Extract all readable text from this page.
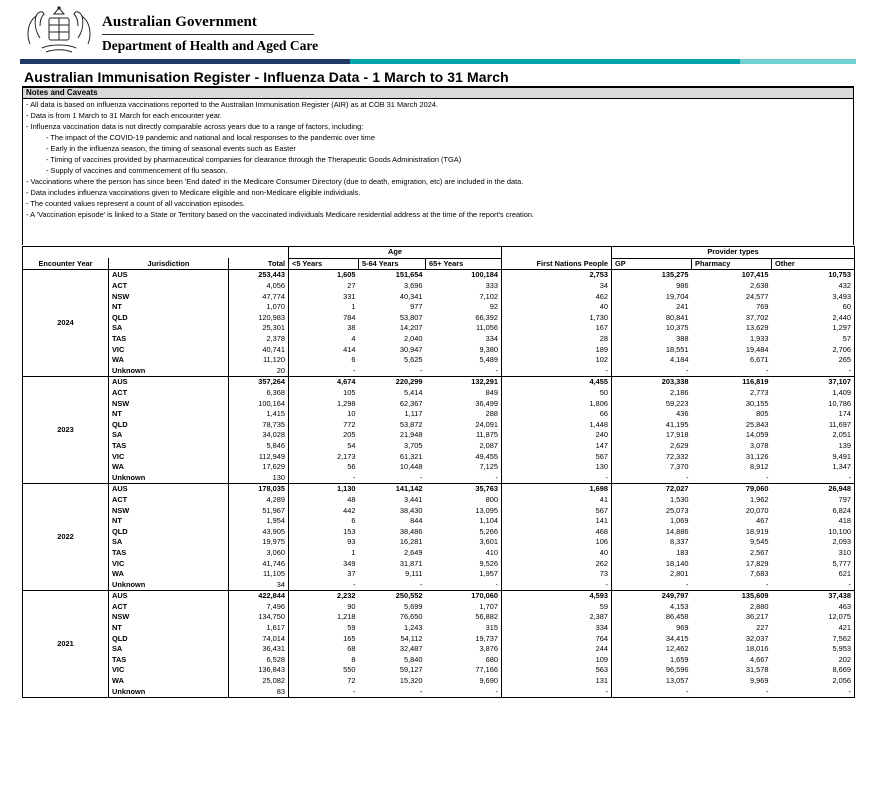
Australian Government
Department of Health and Aged Care
Australian Immunisation Register - Influenza Data - 1 March to 31 March
Notes and Caveats
- All data is based on influenza vaccinations reported to the Australian Immunisation Register (AIR) as at COB 31 March 2024.
- Data is from 1 March to 31 March for each encounter year.
- Influenza vaccination data is not directly comparable across years due to a range of factors, including:
- The impact of the COVID-19 pandemic and national and local responses to the pandemic over time
- Early in the influenza season, the timing of seasonal events such as Easter
- Timing of vaccines provided by pharmaceutical companies for clearance through the Therapeutic Goods Administration (TGA)
- Supply of vaccines and commencement of flu season.
- Vaccinations where the person has since been 'End dated' in the Medicare Consumer Directory (due to death, emigration, etc) are included in the data.
- Data includes influenza vaccinations given to Medicare eligible and non-Medicare eligible individuals.
- The counted values represent a count of all vaccination episodes.
- A 'Vaccination episode' is linked to a State or Territory based on the vaccinated individuals Medicare residential address at the time of the report's creation.
			Age				Provider types		
Encounter Year	Jurisdiction	Total	<5 Years	5-64 Years	65+ Years	First Nations People	GP	Pharmacy	Other
2024	AUS	253,443	1,605	151,654	100,184	2,753	135,275	107,415	10,753
	ACT	4,056	27	3,696	333	34	986	2,638	432
	NSW	47,774	331	40,341	7,102	462	19,704	24,577	3,493
	NT	1,070	1	977	92	40	241	769	60
	QLD	120,983	784	53,807	66,392	1,730	80,841	37,702	2,440
	SA	25,301	38	14,207	11,056	167	10,375	13,629	1,297
	TAS	2,378	4	2,040	334	28	388	1,933	57
	VIC	40,741	414	30,947	9,380	189	18,551	19,484	2,706
	WA	11,120	6	5,625	5,489	102	4,184	6,671	265
	Unknown	20	-	-	-	-	-	-	-
2023	AUS	357,264	4,674	220,299	132,291	4,455	203,338	116,819	37,107
	ACT	6,368	105	5,414	849	50	2,186	2,773	1,409
	NSW	100,164	1,298	62,367	36,499	1,806	59,223	30,155	10,786
	NT	1,415	10	1,117	288	66	436	805	174
	QLD	78,735	772	53,872	24,091	1,448	41,195	25,843	11,697
	SA	34,028	205	21,948	11,875	240	17,918	14,059	2,051
	TAS	5,846	54	3,705	2,087	147	2,629	3,078	139
	VIC	112,949	2,173	61,321	49,455	567	72,332	31,126	9,491
	WA	17,629	56	10,448	7,125	130	7,370	8,912	1,347
	Unknown	130	-	-	-	-	-	-	-
2022	AUS	178,035	1,130	141,142	35,763	1,698	72,027	79,060	26,948
	ACT	4,289	48	3,441	800	41	1,530	1,962	797
	NSW	51,967	442	38,430	13,095	567	25,073	20,070	6,824
	NT	1,954	6	844	1,104	141	1,069	467	418
	QLD	43,905	153	38,486	5,266	468	14,886	18,919	10,100
	SA	19,975	93	16,281	3,601	106	8,337	9,545	2,093
	TAS	3,060	1	2,649	410	40	183	2,567	310
	VIC	41,746	349	31,871	9,526	262	18,140	17,829	5,777
	WA	11,105	37	9,111	1,957	73	2,801	7,683	621
	Unknown	34	-	-	-	-	-	-	-
2021	AUS	422,844	2,232	250,552	170,060	4,593	249,797	135,609	37,438
	ACT	7,496	90	5,699	1,707	59	4,153	2,880	463
	NSW	134,750	1,218	76,650	56,882	2,387	86,458	36,217	12,075
	NT	1,617	59	1,243	315	334	969	227	421
	QLD	74,014	165	54,112	19,737	764	34,415	32,037	7,562
	SA	36,431	68	32,487	3,876	244	12,462	18,016	5,953
	TAS	6,528	8	5,840	680	109	1,659	4,667	202
	VIC	136,843	550	59,127	77,166	563	96,596	31,578	8,669
	WA	25,082	72	15,320	9,690	131	13,057	9,969	2,056
	Unknown	83	-	-	-	-	-	-	-
